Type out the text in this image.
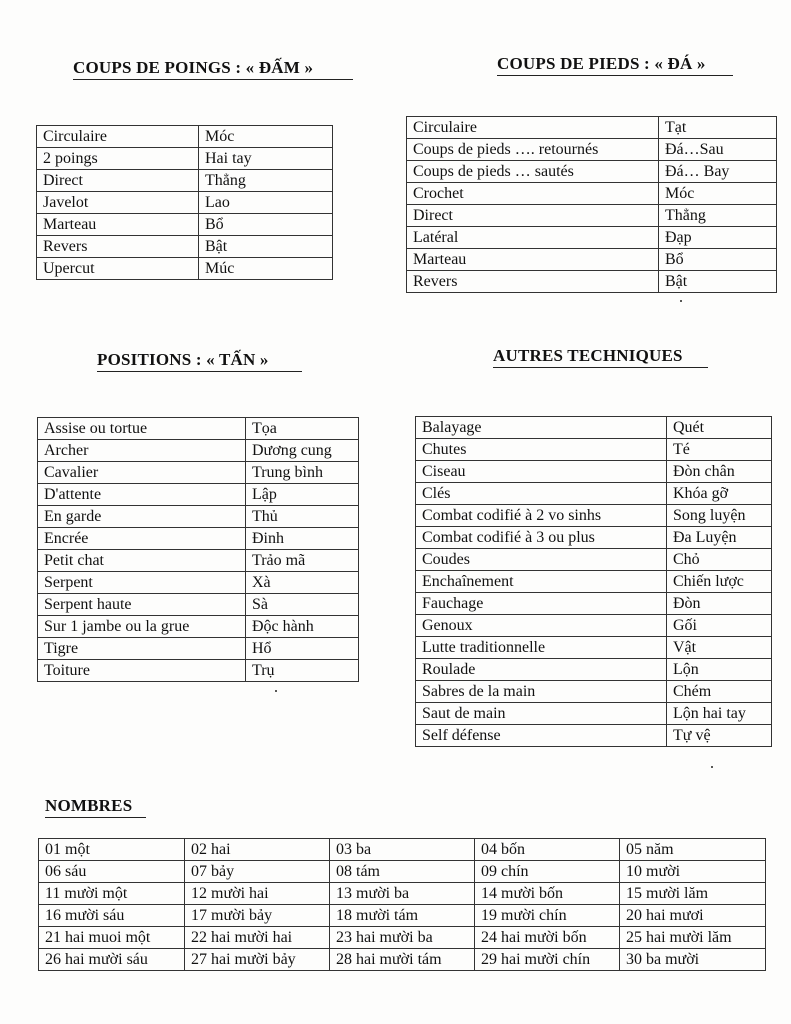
COUPS DE POINGS : « ĐẤM »	COUPS DE PIEDS : « ĐÁ »
POSITIONS : « TẤN »	AUTRES TECHNIQUES
NOMBRES
Circulaire	Móc
2 poings	Hai tay
Direct	Thẳng
Javelot	Lao
Marteau	Bổ
Revers	Bật
Upercut	Múc
Circulaire	Tạt
Coups de pieds …. retournés	Đá…Sau
Coups de pieds … sautés	Đá… Bay
Crochet	Móc
Direct	Thẳng
Latéral	Đạp
Marteau	Bổ
Revers	Bật
Assise ou tortue	Tọa
Archer	Dương cung
Cavalier	Trung bình
D'attente	Lập
En garde	Thủ
Encrée	Đinh
Petit chat	Trảo mã
Serpent	Xà
Serpent haute	Sà
Sur 1 jambe ou la grue	Độc hành
Tigre	Hổ
Toiture	Trụ
Balayage	Quét
Chutes	Té
Ciseau	Đòn chân
Clés	Khóa gỡ
Combat codifié à 2 vo sinhs	Song luyện
Combat codifié à 3 ou plus	Đa Luyện
Coudes	Chỏ
Enchaînement	Chiến lược
Fauchage	Đòn
Genoux	Gối
Lutte traditionnelle	Vật
Roulade	Lộn
Sabres de la main	Chém
Saut de main	Lộn hai tay
Self défense	Tự vệ
01 một	02 hai	03 ba	04 bốn	05 năm
06 sáu	07 bảy	08 tám	09 chín	10 mười
11 mười một	12 mười hai	13 mười ba	14 mười bốn	15 mười lăm
16 mười sáu	17 mười bảy	18 mười tám	19 mười chín	20 hai mươi
21 hai muoi một	22 hai mười hai	23 hai mười ba	24 hai mười bốn	25 hai mười lăm
26 hai mười sáu	27 hai mười bảy	28 hai mười tám	29 hai mười chín	30 ba mười
